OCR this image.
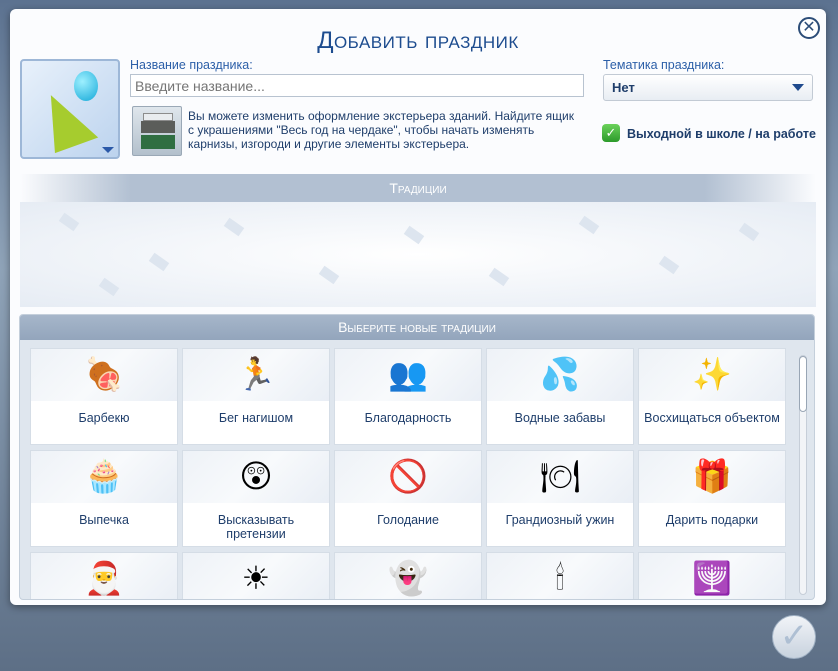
Добавить праздник	✕
Название праздника:
Введите название...
Вы можете изменить оформление экстерьера зданий. Найдите ящик с украшениями "Весь год на чердаке", чтобы начать изменять карнизы, изгороди и другие элементы экстерьера.
Тематика праздника:
Нет
✓ Выходной в школе / на работе
Традиции
Выберите новые традиции
🍖
Барбекю
🏃
Бег нагишом
👥
Благодарность
💦
Водные забавы
✨
Восхищаться объектом
🧁
Выпечка
😲
Высказывать претензии
🚫
Голодание
🍽
Грандиозный ужин
🎁
Дарить подарки
🎅	☀	👻	🕯	🕎
✓
